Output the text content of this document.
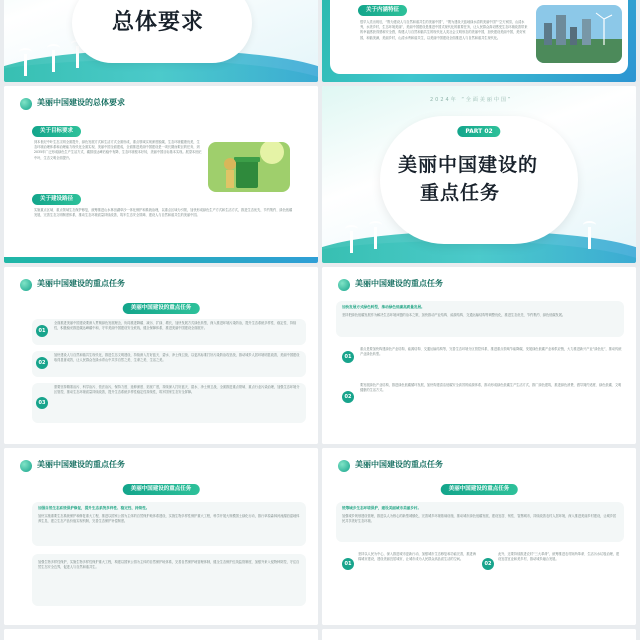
总体要求	关于内涵特征
很早人类出现后，“既为建设人与自然和谐共生的美丽中国”，“既为建设天蓝地绿水清的美丽中国”“空天家园，山清水秀，水美乡村，生态环境美丽”，美丽中国建设是推进中国式现代化的重要任务，让人民群众真切感受生态环境改善带来的幸福感获得感和安全感，构建人与自然和谐共生的现代化人类社会文明形态的美丽中国，加快建设美丽中国，美好家园，和谐美满，美丽乡村，山清水秀和谐共生，以美丽中国建设全面推进人与自然和谐共生现代化。
美丽中国建设的总体要求
关于目标要求
到本世纪中叶生态文明全面提升，绿色发展方式和生活方式全面形成，重点领域实现深度脱碳，生态环境健康优美，生态环境治理体系和治理能力现代化全面实现，美丽中国全面建成，全面推进美丽中国建设是一项长期而艰巨的任务，到2035年广泛形成绿色生产生活方式，碳排放达峰后稳中有降，生态环境根本好转，美丽中国目标基本实现。展望本世纪中叶，生态文明全面提升。
关于建设路径
实施重点区域、重点领域生态保护修复，统筹推进山水林田湖草沙一体化保护和系统治理，以重点区域为引领，加快形成绿色生产方式和生活方式，推进生态优先、节约集约、绿色低碳发展，完善生态文明制度体系，推动生态环境质量持续改善，筑牢生态安全屏障，建设人与自然和谐共生的美丽中国。
2024年 “全面美丽中国”
PART 02
美丽中国建设的
重点任务
美丽中国建设的重点任务
美丽中国建设的重点任务
01
全面推进美丽中国建设要深入贯彻绿色发展理念，协同推进降碳、减污、扩绿、增长，加快发展方式绿色转型，深入推进环境污染防治，提升生态系统多样性、稳定性、持续性，积极稳妥推进碳达峰碳中和，守牢美丽中国建设安全底线，健全保障体系，推进美丽中国建设全面展开。
02
加快建设人与自然和谐共生现代化，推进生态文明建设，持续深入打好蓝天、碧水、净土保卫战，以更高标准打好污染防治攻坚战，推动城乡人居环境明显改善，美丽中国建设取得显著成效，让人民群众在绿水青山中共享自然之美、生命之美、生活之美。
03
需要坚持精准治污、科学治污、依法治污，保持力度、延伸深度、拓宽广度，持续深入打好蓝天、碧水、净土保卫战，全面推进重点领域、重点行业污染治理，加强生态环境分区管控，推动生态环境质量持续改善，提升生态系统多样性稳定性持续性，筑牢国家生态安全屏障。
美丽中国建设的重点任务
加快发展方式绿色转型，推动绿色低碳高质量发展。
坚持把绿色低碳发展作为解决生态环境问题的治本之策，加快推动产业结构、能源结构、交通运输结构等调整优化，推进生态优先、节约集约、绿色低碳发展。
01
重点是要加快构建绿色产业结构，能源结构、交通运输结构等，完善生态环境分区管控体系，推进重点领域节能降碳，发展绿色低碳产业和供应链，大力推进新兴产业“绿色化”，推动传统产业绿色转型。
02
要发展绿色产业结构，推进绿色低碳循环发展，加快构建清洁低碳安全高效的能源体系，推动形成绿色低碳生产生活方式，推广绿色建筑，推进绿色消费，倡导简约适度、绿色低碳、文明健康的生活方式。
美丽中国建设的重点任务
美丽中国建设的重点任务
加强自然生态系统保护修复，提升生态系统多样性、稳定性、持续性。
加快实施重要生态系统保护和修复重大工程，推进以国家公园为主体的自然保护地体系建设，实施生物多样性保护重大工程，科学开展大规模国土绿化行动，推行草原森林河流湖泊湿地休养生息，建立生态产品价值实现机制，完善生态保护补偿制度。
加强生物多样性保护，实施生物多样性保护重大工程，构建以国家公园为主体的自然保护地体系，完善自然保护地管理体制，健全生态保护红线监管制度，加强外来入侵物种防控，守住自然生态安全边界，促进人与自然和谐共生。
美丽中国建设的重点任务
美丽中国建设的重点任务
统筹城乡生态环境保护，建设美丽城市美丽乡村。
加强城乡规划建设管理，推进以人为核心的新型城镇化，完善城乡环境基础设施，推动城市绿色低碳发展，建设宜居、韧性、智慧城市，持续改善农村人居环境，深入推进美丽乡村建设，让城乡居民共享美好生态环境。
01
坚持以人民为中心，深入推进城市更新行动，加强城市生态修复和功能完善，推进海绵城市建设，建设美丽宜居城市，让城市成为人民群众高品质生活的空间。
02
此外，还要持续推进农村“三大革命”，统筹推进农村厕所革命、生活污水垃圾治理，建设宜居宜业和美乡村，推动城乡融合发展。
